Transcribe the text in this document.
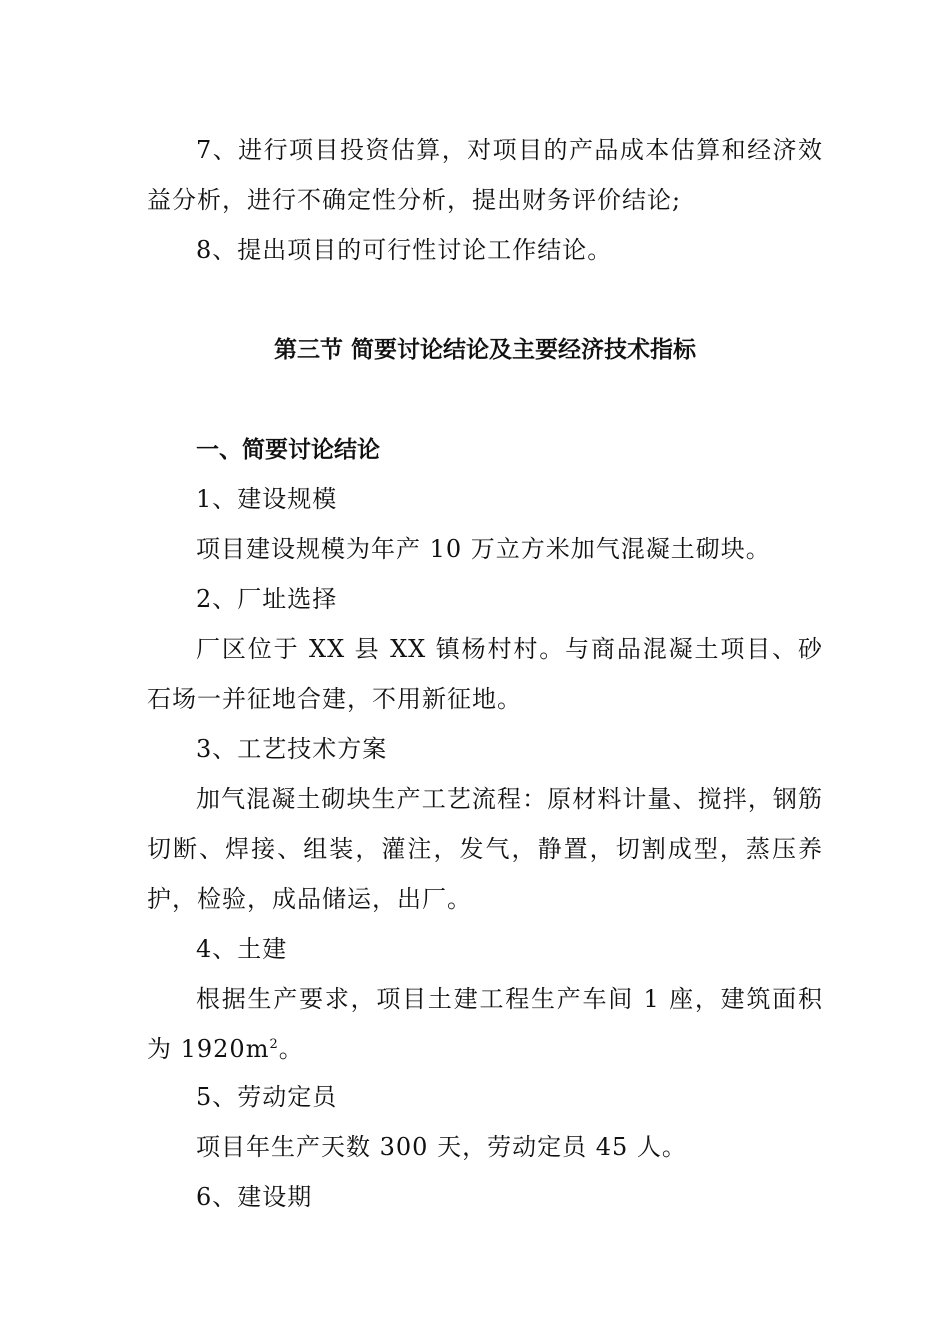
7、进行项目投资估算，对项目的产品成本估算和经济效益分析，进行不确定性分析，提出财务评价结论;

8、提出项目的可行性讨论工作结论。

第三节 简要讨论结论及主要经济技术指标
一、简要讨论结论

1、建设规模

项目建设规模为年产 10 万立方米加气混凝土砌块。

2、厂址选择

厂区位于 XX 县 XX 镇杨村村。与商品混凝土项目、砂石场一并征地合建，不用新征地。

3、工艺技术方案

加气混凝土砌块生产工艺流程：原材料计量、搅拌，钢筋切断、焊接、组装，灌注，发气，静置，切割成型，蒸压养护，检验，成品储运，出厂。

4、土建

根据生产要求，项目土建工程生产车间 1 座，建筑面积为 $1920m^2$。

5、劳动定员

项目年生产天数 300 天，劳动定员 45 人。

6、建设期
